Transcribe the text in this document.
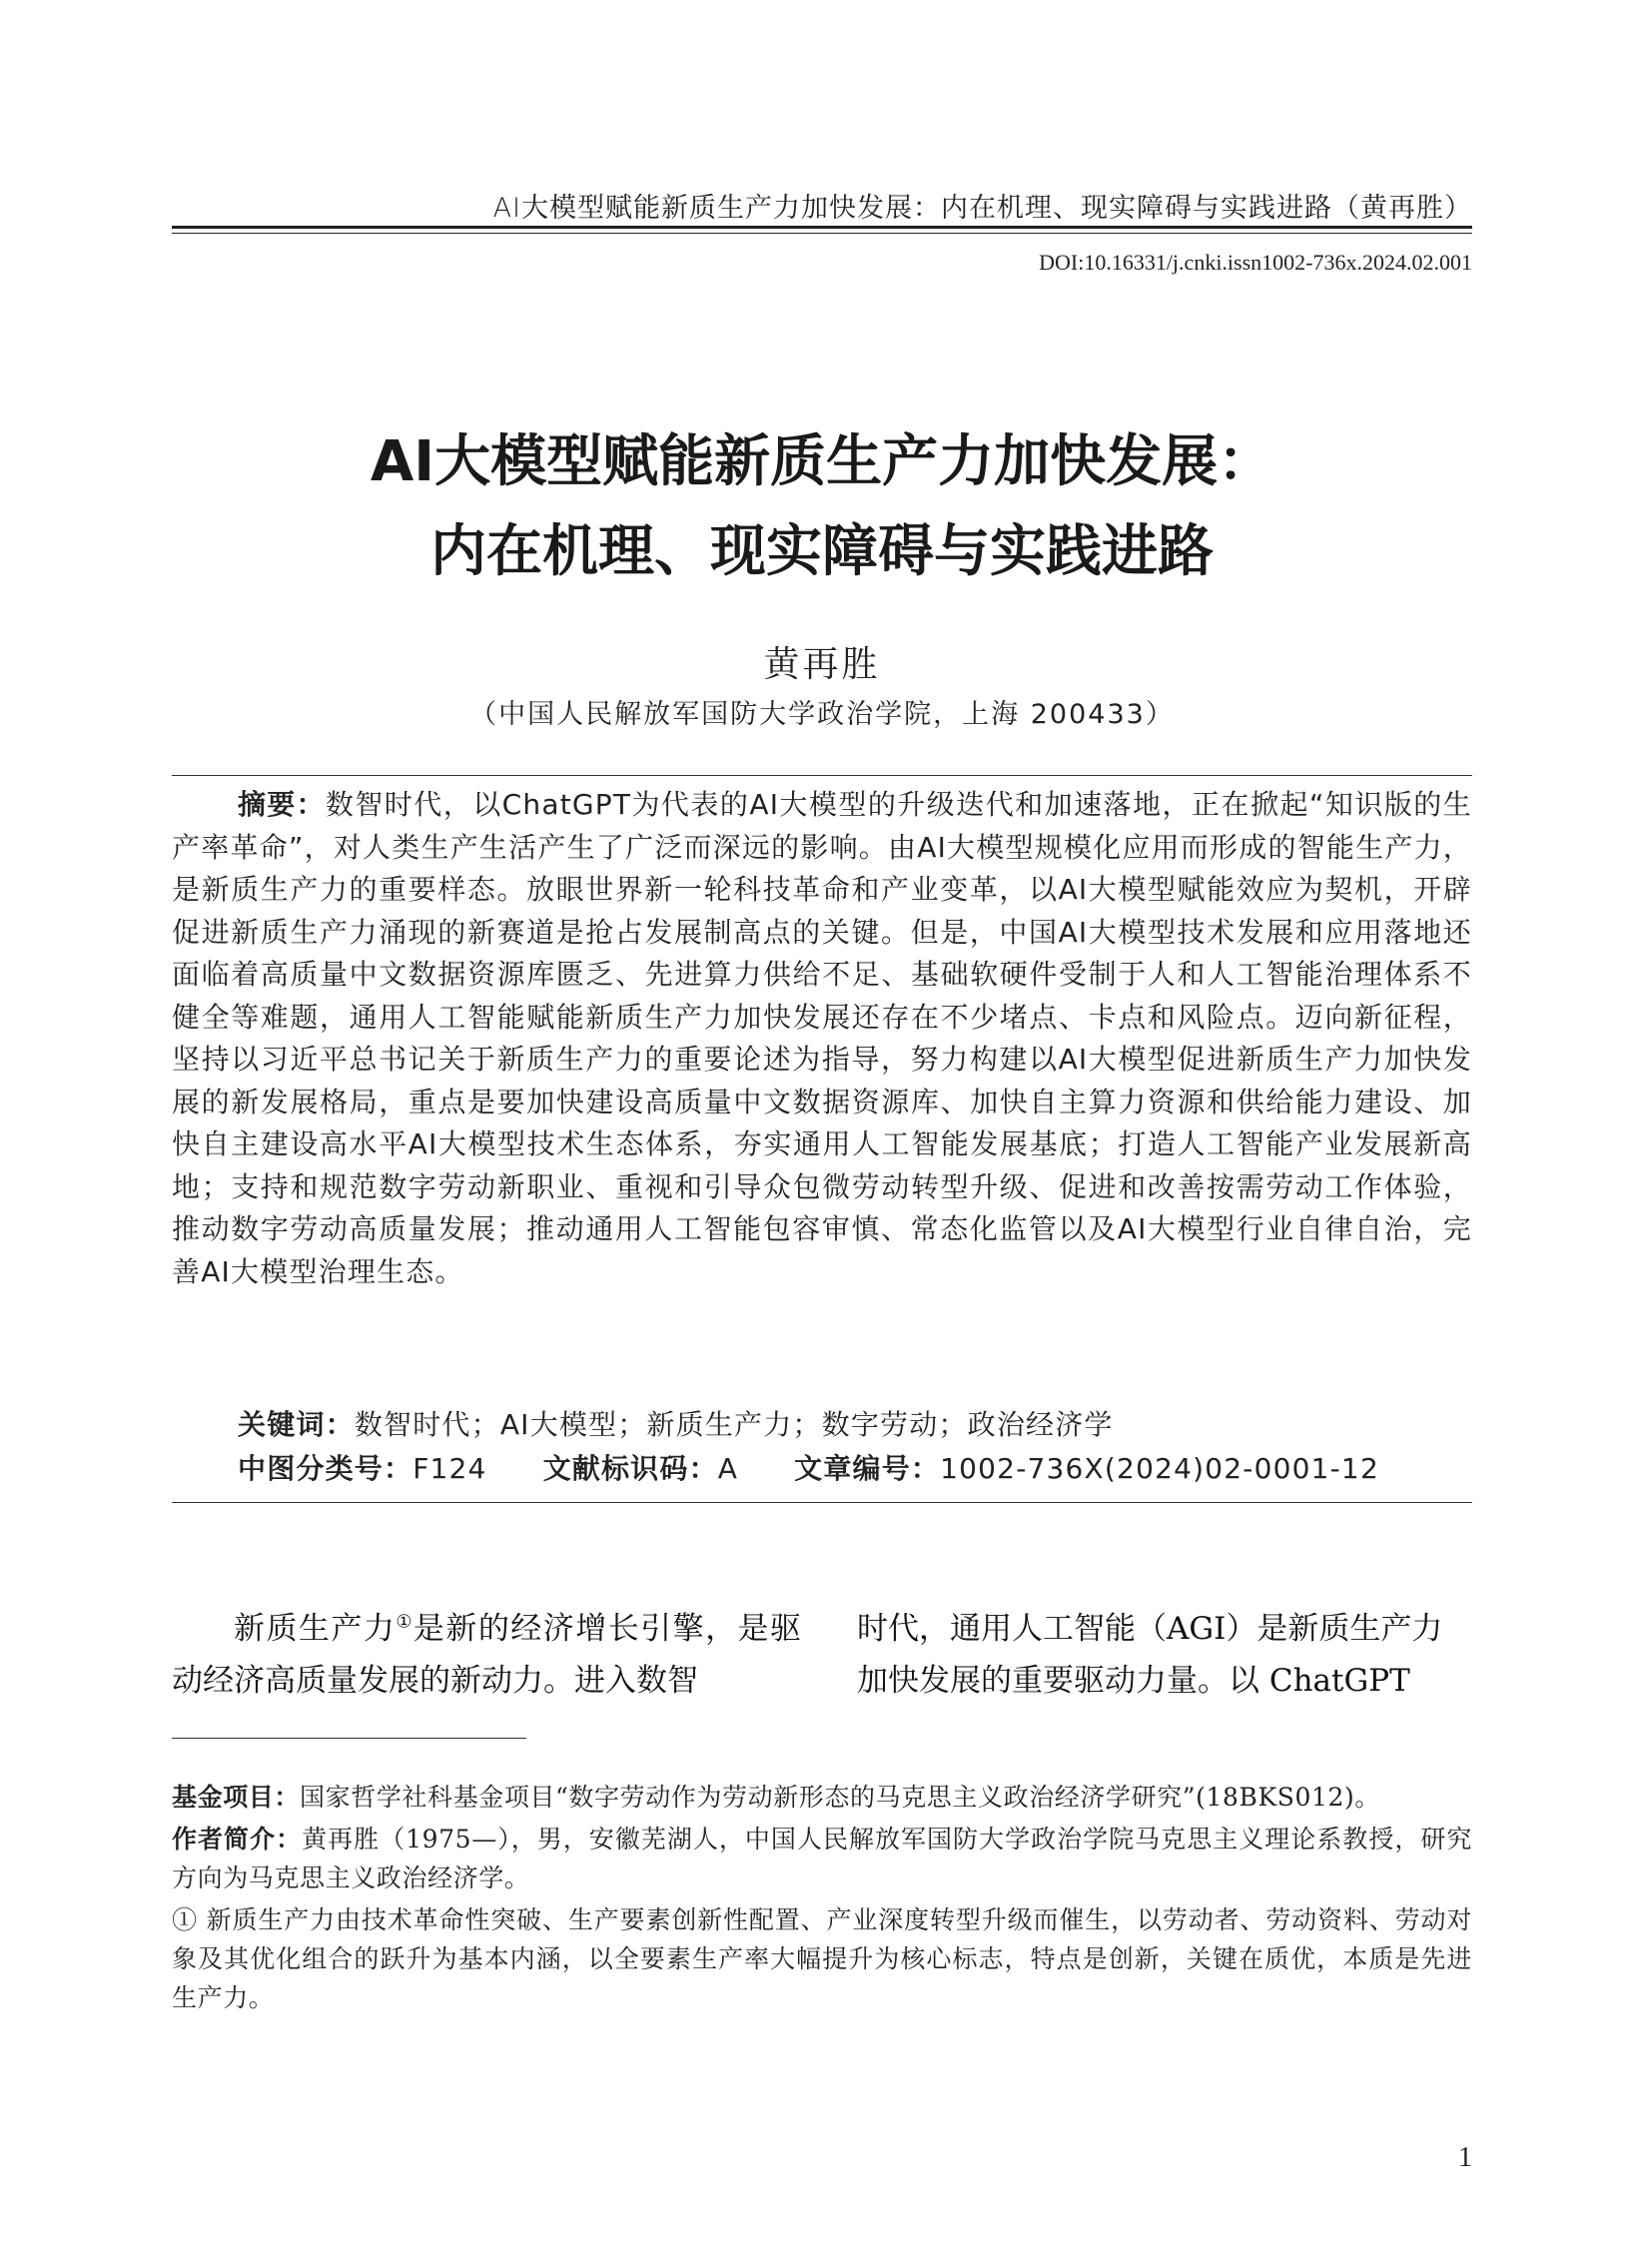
AI大模型赋能新质生产力加快发展：内在机理、现实障碍与实践进路（黄再胜）
DOI:10.16331/j.cnki.issn1002-736x.2024.02.001
AI大模型赋能新质生产力加快发展：
内在机理、现实障碍与实践进路
黄再胜
（中国人民解放军国防大学政治学院，上海 200433）

摘要：数智时代，以ChatGPT为代表的AI大模型的升级迭代和加速落地，正在掀起“知识版的生产率革命”，对人类生产生活产生了广泛而深远的影响。由AI大模型规模化应用而形成的智能生产力，是新质生产力的重要样态。放眼世界新一轮科技革命和产业变革，以AI大模型赋能效应为契机，开辟促进新质生产力涌现的新赛道是抢占发展制高点的关键。但是，中国AI大模型技术发展和应用落地还面临着高质量中文数据资源库匮乏、先进算力供给不足、基础软硬件受制于人和人工智能治理体系不健全等难题，通用人工智能赋能新质生产力加快发展还存在不少堵点、卡点和风险点。迈向新征程，坚持以习近平总书记关于新质生产力的重要论述为指导，努力构建以AI大模型促进新质生产力加快发展的新发展格局，重点是要加快建设高质量中文数据资源库、加快自主算力资源和供给能力建设、加快自主建设高水平AI大模型技术生态体系，夯实通用人工智能发展基底；打造人工智能产业发展新高地；支持和规范数字劳动新职业、重视和引导众包微劳动转型升级、促进和改善按需劳动工作体验，推动数字劳动高质量发展；推动通用人工智能包容审慎、常态化监管以及AI大模型行业自律自治，完善AI大模型治理生态。

关键词：数智时代；AI大模型；新质生产力；数字劳动；政治经济学
中图分类号：F124 文献标识码：A 文章编号：1002-736X(2024)02-0001-12

新质生产力①是新的经济增长引擎，是驱动经济高质量发展的新动力。进入数智

时代，通用人工智能（AGI）是新质生产力
加快发展的重要驱动力量。以 ChatGPT

基金项目：国家哲学社科基金项目“数字劳动作为劳动新形态的马克思主义政治经济学研究”(18BKS012)。

作者简介：黄再胜（1975—），男，安徽芜湖人，中国人民解放军国防大学政治学院马克思主义理论系教授，研究方向为马克思主义政治经济学。

① 新质生产力由技术革命性突破、生产要素创新性配置、产业深度转型升级而催生，以劳动者、劳动资料、劳动对象及其优化组合的跃升为基本内涵，以全要素生产率大幅提升为核心标志，特点是创新，关键在质优，本质是先进生产力。

1
